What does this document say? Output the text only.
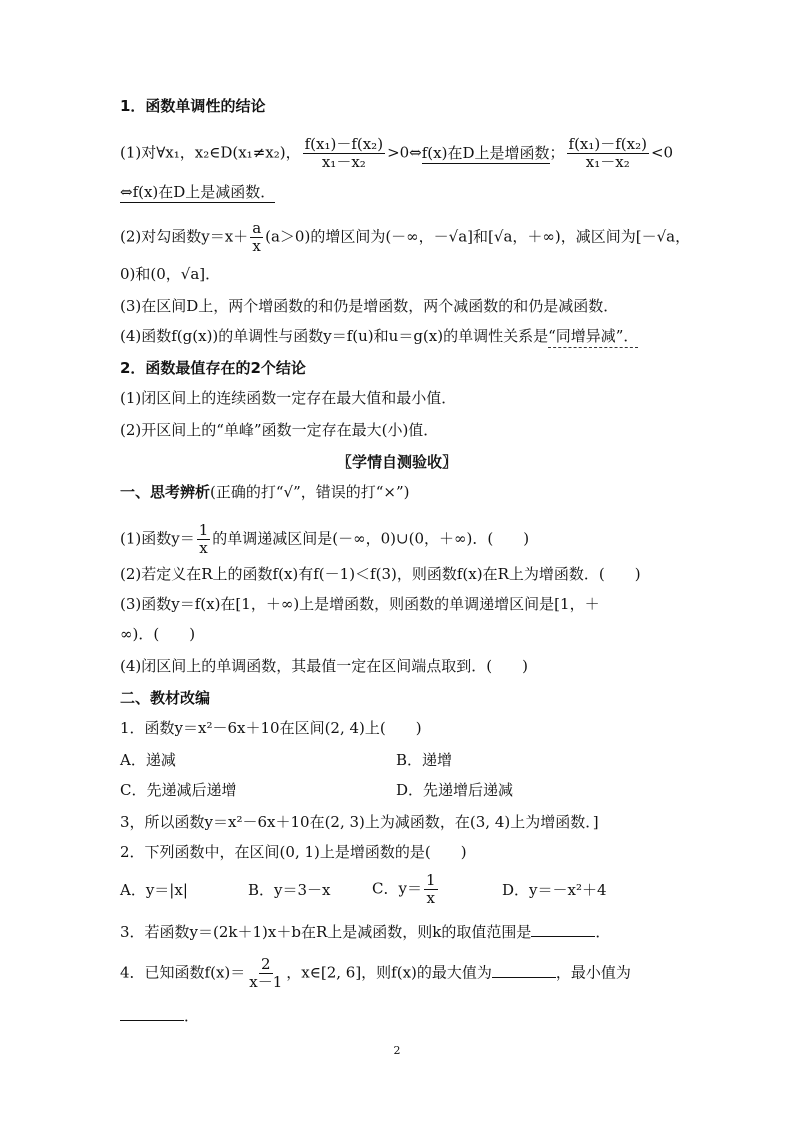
1．函数单调性的结论
(1)对∀x₁，x₂∈D(x₁≠x₂)， $\frac{\text{f(x₁)－f(x₂)}}{\text{x₁－x₂}}$ >0⇔f(x)在D上是增函数； $\frac{\text{f(x₁)－f(x₂)}}{\text{x₁－x₂}} <0$
⇔f(x)在D上是减函数．
(2)对勾函数$y=x+ \frac{a}{x} (a>0)$的增区间为(－∞，－√a]和[√a，＋∞)，减区间为[－√a，
0)和(0，√a]．
(3)在区间D上，两个增函数的和仍是增函数，两个减函数的和仍是减函数．
(4)函数f(g(x))的单调性与函数y＝f(u)和u＝g(x)的单调性关系是“同增异减”．
2．函数最值存在的2个结论
(1)闭区间上的连续函数一定存在最大值和最小值．
(2)开区间上的“单峰”函数一定存在最大(小)值．
〖学情自测验收〗
一、思考辨析(正确的打“√”，错误的打“×”)
(1)函数$y= \frac{1}{x}$ 的单调递减区间是(－∞，0)∪(0，＋∞)．(　　)
(2)若定义在R上的函数f(x)有f(－1)＜f(3)，则函数f(x)在R上为增函数．(　　)
(3)函数y＝f(x)在[1，＋∞)上是增函数，则函数的单调递增区间是[1，＋
∞)．(　　)
(4)闭区间上的单调函数，其最值一定在区间端点取到．(　　)
二、教材改编
1．函数y＝x²－6x＋10在区间(2, 4)上(　　)
A．递减	B．递增
C．先递减后递增	D．先递增后递减
3，所以函数y＝x²－6x＋10在(2, 3)上为减函数，在(3, 4)上为增函数．]
2．下列函数中，在区间(0, 1)上是增函数的是(　　)
A．y＝|x|	B．y＝3－x	C．$y= \frac{1}{x}$	D．y＝－x²＋4
3．若函数y＝(2k＋1)x＋b在R上是减函数，则k的取值范围是	．
4．已知函数$f(x)= \frac{2}{x-1}$ ，x∈[2, 6]，则f(x)的最大值为	，最小值为
．
2
